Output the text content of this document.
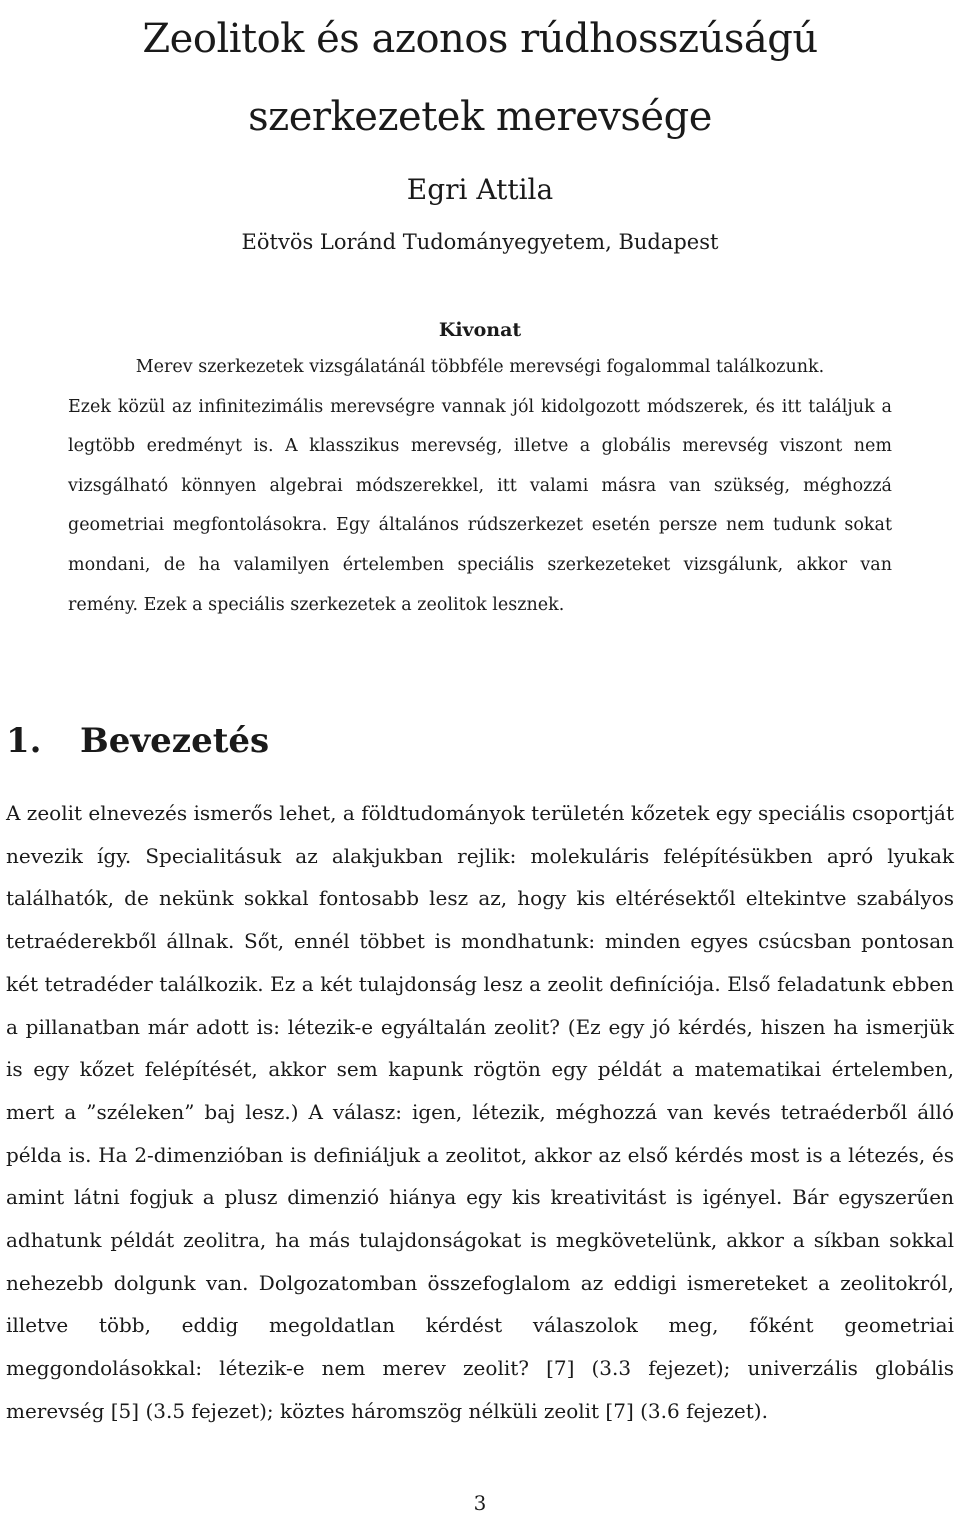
Zeolitok és azonos rúdhosszúságú
szerkezetek merevsége
Egri Attila
Eötvös Loránd Tudományegyetem, Budapest
Kivonat

Merev szerkezetek vizsgálatánál többféle merevségi fogalommal találkozunk.
Ezek közül az infinitezimális merevségre vannak jól kidolgozott módszerek, és itt találjuk a legtöbb eredményt is. A klasszikus merevség, illetve a globális merevség viszont nem vizsgálható könnyen algebrai módszerekkel, itt valami másra van szükség, méghozzá geometriai megfontolásokra. Egy általános rúdszerkezet esetén persze nem tudunk sokat mondani, de ha valamilyen értelemben speciális szerkezeteket vizsgálunk, akkor van remény. Ezek a speciális szerkezetek a zeolitok lesznek.

1. Bevezetés

A zeolit elnevezés ismerős lehet, a földtudományok területén kőzetek egy speciális csoportját nevezik így. Specialitásuk az alakjukban rejlik: molekuláris felépítésükben apró lyukak találhatók, de nekünk sokkal fontosabb lesz az, hogy kis eltérésektől eltekintve szabályos tetraéderekből állnak. Sőt, ennél többet is mondhatunk: minden egyes csúcsban pontosan két tetradéder találkozik. Ez a két tulajdonság lesz a zeolit definíciója. Első feladatunk ebben a pillanatban már adott is: létezik-e egyáltalán zeolit? (Ez egy jó kérdés, hiszen ha ismerjük is egy kőzet felépítését, akkor sem kapunk rögtön egy példát a matematikai értelemben, mert a ”széleken” baj lesz.) A válasz: igen, létezik, méghozzá van kevés tetraéderből álló példa is. Ha 2-dimenzióban is definiáljuk a zeolitot, akkor az első kérdés most is a létezés, és amint látni fogjuk a plusz dimenzió hiánya egy kis kreativitást is igényel. Bár egyszerűen adhatunk példát zeolitra, ha más tulajdonságokat is megkövetelünk, akkor a síkban sokkal nehezebb dolgunk van. Dolgozatomban összefoglalom az eddigi ismereteket a zeolitokról, illetve több, eddig megoldatlan kérdést válaszolok meg, főként geometriai meggondolásokkal: létezik-e nem merev zeolit? [7] (3.3 fejezet); univerzális globális merevség [5] (3.5 fejezet); köztes háromszög nélküli zeolit [7] (3.6 fejezet).

3
